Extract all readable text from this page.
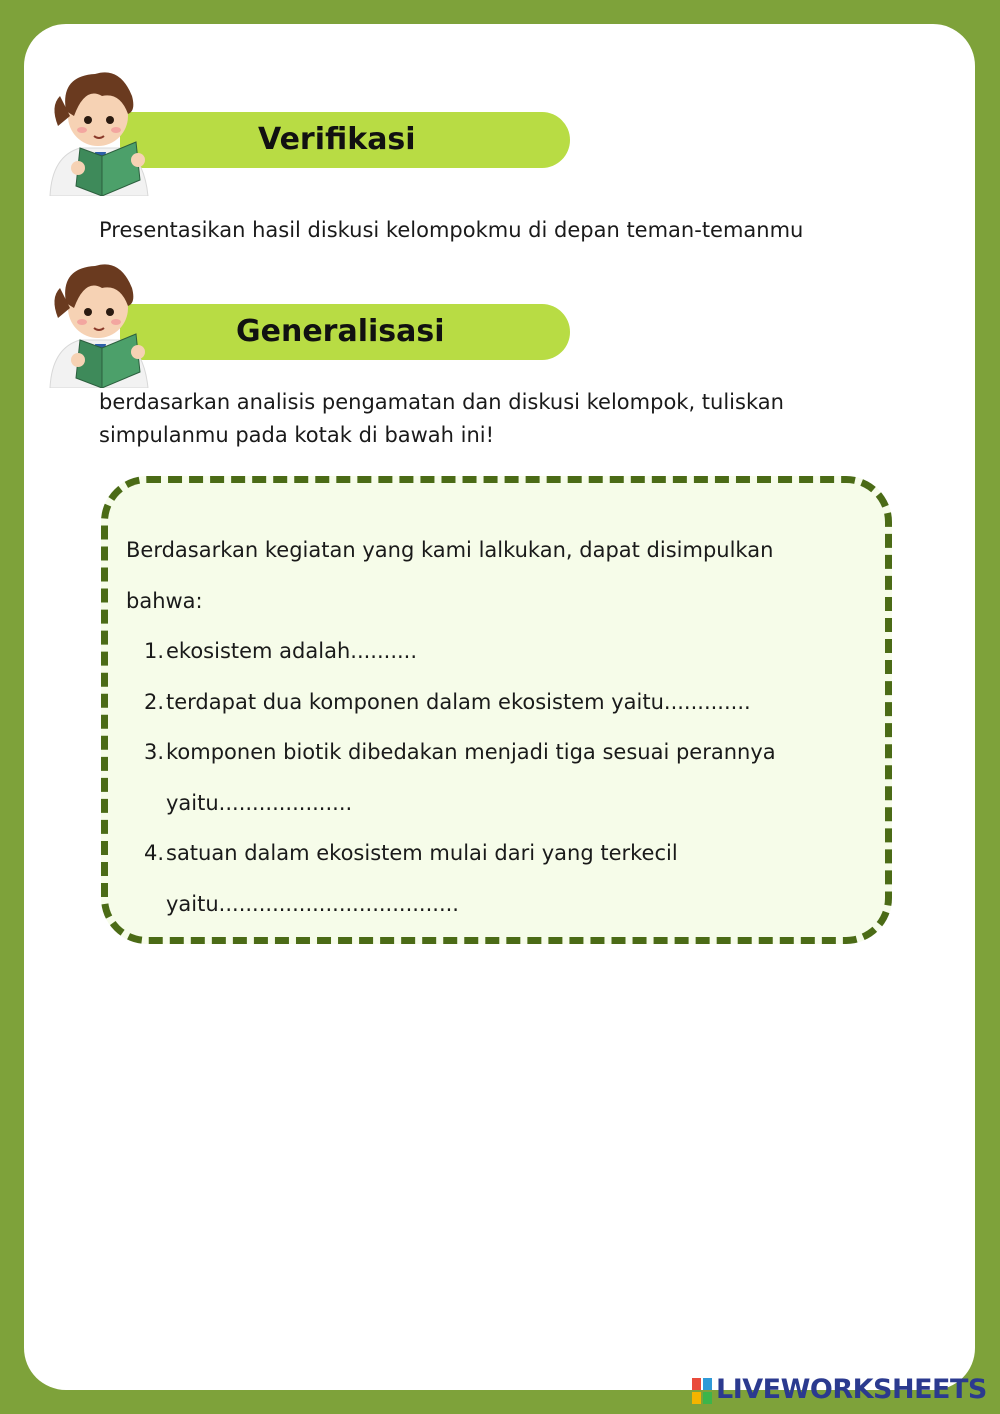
Verifikasi
Presentasikan hasil diskusi kelompokmu di depan teman-temanmu
Generalisasi
berdasarkan analisis pengamatan dan diskusi kelompok, tuliskan
simpulanmu pada kotak di bawah ini!
Berdasarkan kegiatan yang kami lalkukan, dapat disimpulkan
bahwa:
1. ekosistem adalah..........
2. terdapat dua komponen dalam ekosistem yaitu.............
3. komponen biotik dibedakan menjadi tiga sesuai perannya
yaitu....................
4. satuan dalam ekosistem mulai dari yang terkecil
yaitu....................................
LIVEWORKSHEETS
